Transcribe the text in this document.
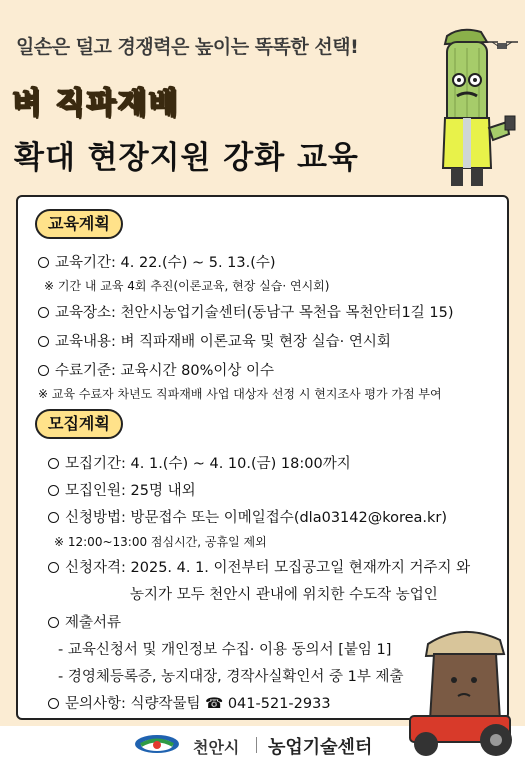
일손은 덜고 경쟁력은 높이는 똑똑한 선택!
벼 직파재배
확대 현장지원 강화 교육
교육계획
교육기간: 4. 22.(수) ~ 5. 13.(수)
※ 기간 내 교육 4회 추진(이론교육, 현장 실습· 연시회)
교육장소: 천안시농업기술센터(동남구 목천읍 목천안터1길 15)
교육내용: 벼 직파재배 이론교육 및 현장 실습· 연시회
수료기준: 교육시간 80%이상 이수
※ 교육 수료자 차년도 직파재배 사업 대상자 선정 시 현지조사 평가 가점 부여
모집계획
모집기간: 4. 1.(수) ~ 4. 10.(금) 18:00까지
모집인원: 25명 내외
신청방법: 방문접수 또는 이메일접수(dla03142@korea.kr)
※ 12:00~13:00 점심시간, 공휴일 제외
신청자격: 2025. 4. 1. 이전부터 모집공고일 현재까지 거주지 와
농지가 모두 천안시 관내에 위치한 수도작 농업인
제출서류
- 교육신청서 및 개인정보 수집· 이용 동의서 [붙임 1]
- 경영체등록증, 농지대장, 경작사실확인서 중 1부 제출
문의사항: 식량작물팀 ☎ 041-521-2933
천안시 농업기술센터
